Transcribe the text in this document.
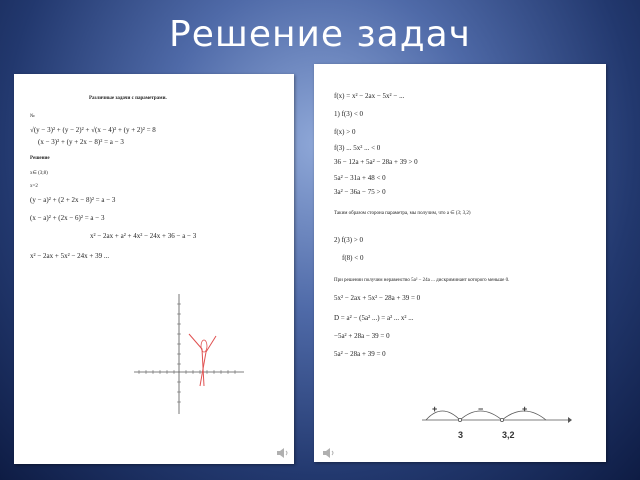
Решение задач
Различные задачи с параметрами.
№
√(y − 3)² + (y − 2)² + √(x − 4)² + (y + 2)² = 8
(x − 3)² + (y + 2x − 8)² = a − 3
Решение
x∈ (3;8)
x=2
(y − a)² + (2 + 2x − 8)² = a − 3
(x − a)² + (2x − 6)² = a − 3
x² − 2ax + a² + 4x² − 24x + 36 − a − 3
x² − 2ax + 5x² − 24x + 39 ...
f(x) = x² − 2ax − 5x² − ...
1) f(3) < 0
f(x) > 0
f(3) ... 5x² ... < 0
36 − 12a + 5a² − 28a + 39 > 0
5a² − 31a + 48 < 0
3a² − 36a − 75 > 0
Таким образом сторона параметра, мы получим, что a ∈ (3; 3,2)
2) f(3) > 0
f(8) < 0
При решении получим неравенство 5a² − 24a ... дискриминант которого меньше 0.
5x² − 2ax + 5x² − 28a + 39 = 0
D = a² − (5a² ...) = a² ... x² ...
−5a² + 28a − 39 = 0
5a² − 28a + 39 = 0
+	−	+
3	3,2
